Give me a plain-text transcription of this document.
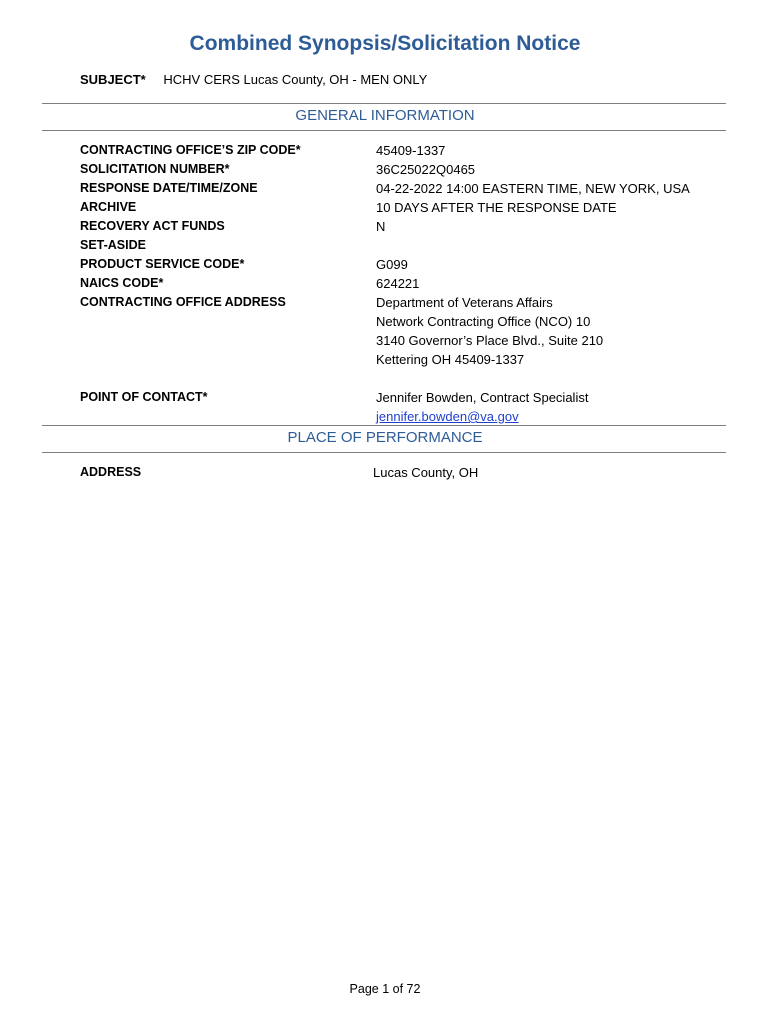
Combined Synopsis/Solicitation Notice
SUBJECT* HCHV CERS Lucas County, OH - MEN ONLY
GENERAL INFORMATION
CONTRACTING OFFICE’S ZIP CODE*	45409-1337
SOLICITATION NUMBER*	36C25022Q0465
RESPONSE DATE/TIME/ZONE	04-22-2022 14:00 EASTERN TIME, NEW YORK, USA
ARCHIVE	10 DAYS AFTER THE RESPONSE DATE
RECOVERY ACT FUNDS	N
SET-ASIDE
PRODUCT SERVICE CODE*	G099
NAICS CODE*	624221
CONTRACTING OFFICE ADDRESS	Department of Veterans Affairs
Network Contracting Office (NCO) 10
3140 Governor’s Place Blvd., Suite 210
Kettering OH 45409-1337
POINT OF CONTACT*	Jennifer Bowden, Contract Specialist
jennifer.bowden@va.gov
PLACE OF PERFORMANCE
ADDRESS	Lucas County, OH
Page 1 of 72
